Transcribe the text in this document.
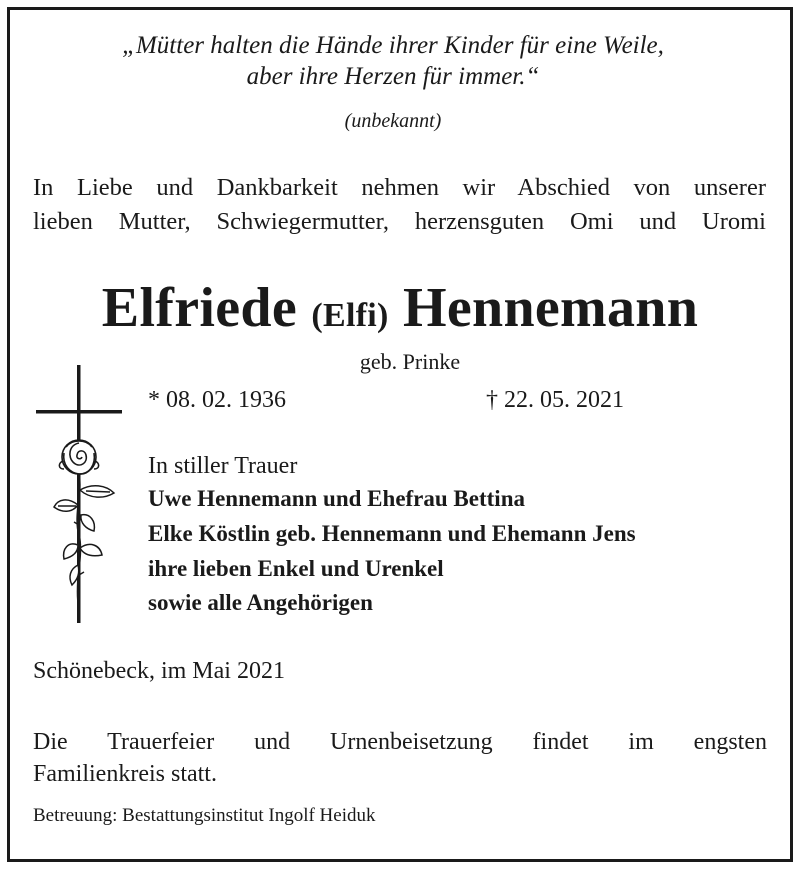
„Mütter halten die Hände ihrer Kinder für eine Weile,
aber ihre Herzen für immer.“
(unbekannt)
In Liebe und Dankbarkeit nehmen wir Abschied von unserer
lieben Mutter, Schwiegermutter, herzensguten Omi und Uromi
Elfriede (Elfi) Hennemann
geb. Prinke
* 08. 02. 1936	† 22. 05. 2021
In stiller Trauer
Uwe Hennemann und Ehefrau Bettina
Elke Köstlin geb. Hennemann und Ehemann Jens
ihre lieben Enkel und Urenkel
sowie alle Angehörigen
Schönebeck, im Mai 2021
Die Trauerfeier und Urnenbeisetzung findet im engsten
Familienkreis statt.
Betreuung: Bestattungsinstitut Ingolf Heiduk
